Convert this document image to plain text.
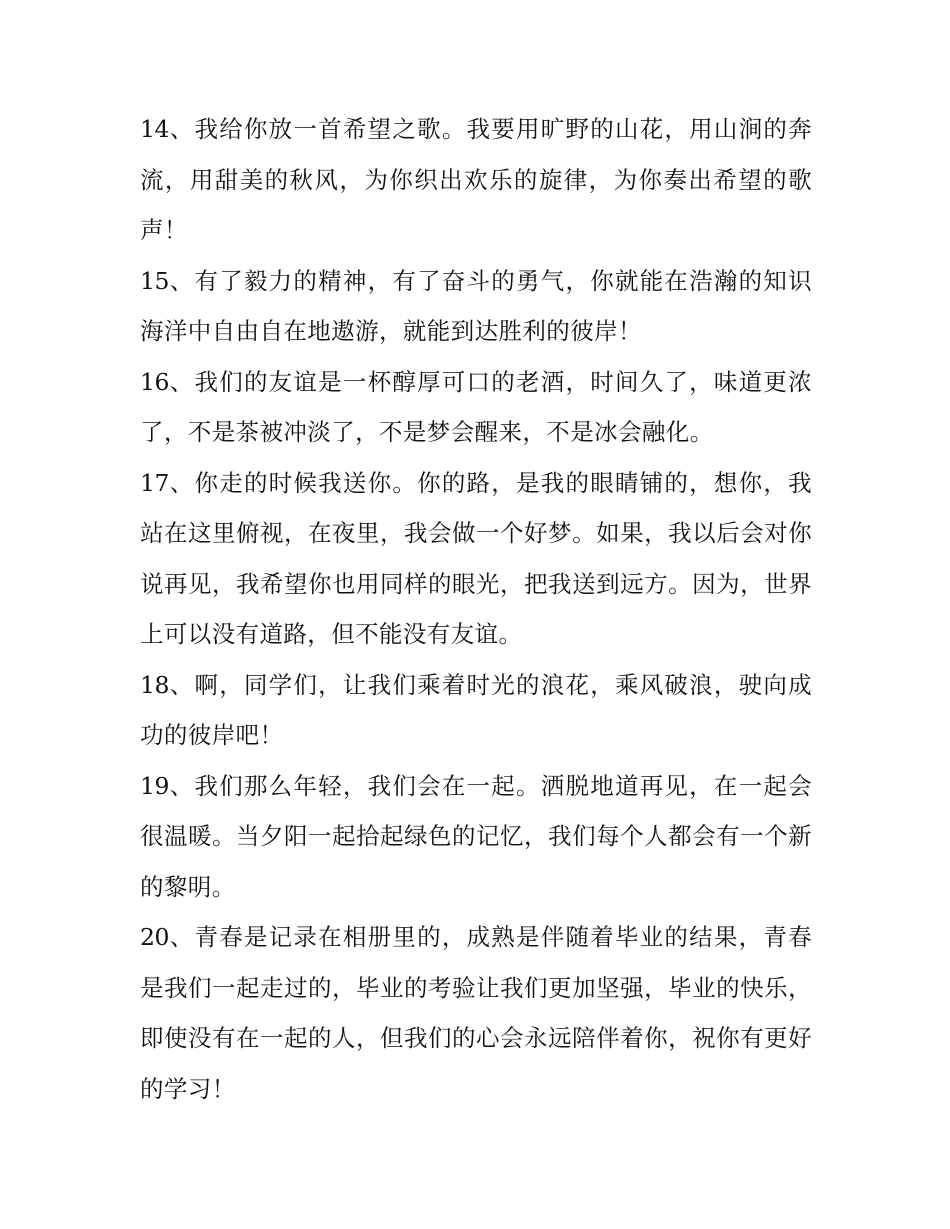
14、我给你放一首希望之歌。我要用旷野的山花，用山涧的奔流，用甜美的秋风，为你织出欢乐的旋律，为你奏出希望的歌声！

15、有了毅力的精神，有了奋斗的勇气，你就能在浩瀚的知识海洋中自由自在地遨游，就能到达胜利的彼岸！

16、我们的友谊是一杯醇厚可口的老酒，时间久了，味道更浓了，不是茶被冲淡了，不是梦会醒来，不是冰会融化。

17、你走的时候我送你。你的路，是我的眼睛铺的，想你，我站在这里俯视，在夜里，我会做一个好梦。如果，我以后会对你说再见，我希望你也用同样的眼光，把我送到远方。因为，世界上可以没有道路，但不能没有友谊。

18、啊，同学们，让我们乘着时光的浪花，乘风破浪，驶向成功的彼岸吧！

19、我们那么年轻，我们会在一起。洒脱地道再见，在一起会很温暖。当夕阳一起拾起绿色的记忆，我们每个人都会有一个新的黎明。

20、青春是记录在相册里的，成熟是伴随着毕业的结果，青春是我们一起走过的，毕业的考验让我们更加坚强，毕业的快乐，即使没有在一起的人，但我们的心会永远陪伴着你，祝你有更好的学习！
